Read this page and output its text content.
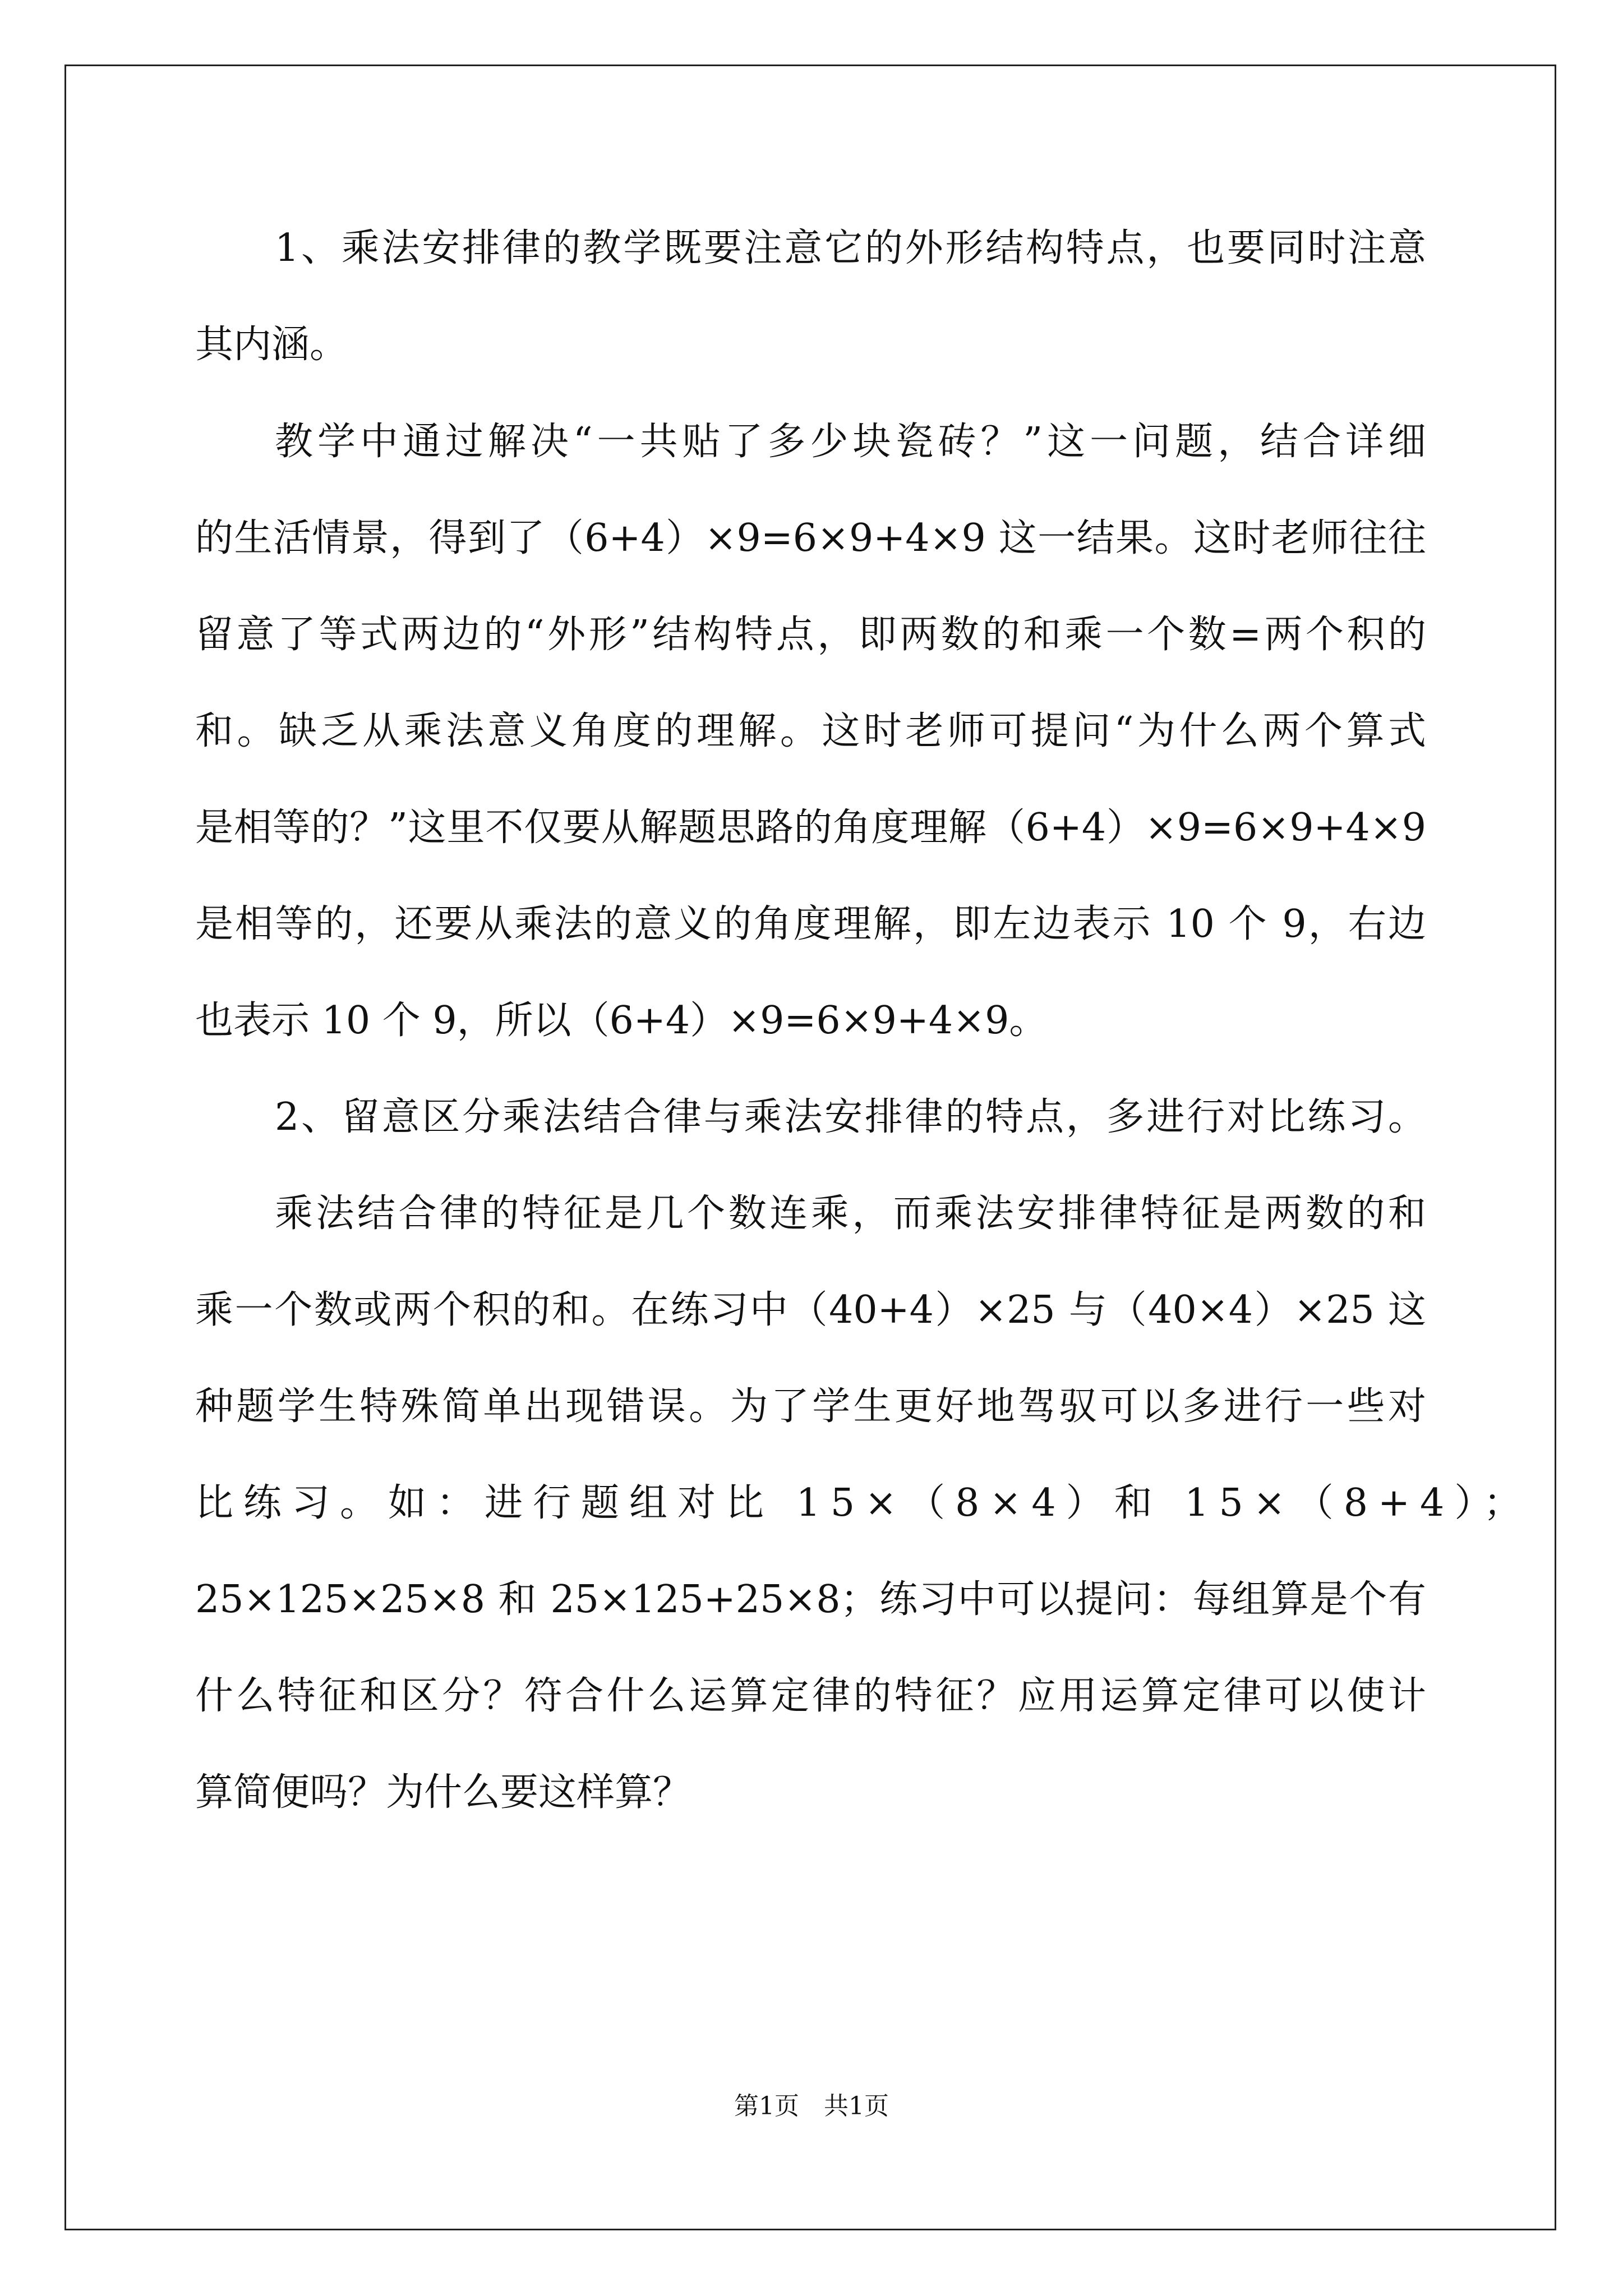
1、乘法安排律的教学既要注意它的外形结构特点，也要同时注意
其内涵。
教学中通过解决“一共贴了多少块瓷砖？”这一问题，结合详细
的生活情景，得到了（6+4）×9=6×9+4×9 这一结果。这时老师往往
留意了等式两边的“外形”结构特点，即两数的和乘一个数=两个积的
和。缺乏从乘法意义角度的理解。这时老师可提问“为什么两个算式
是相等的？”这里不仅要从解题思路的角度理解（6+4）×9=6×9+4×9
是相等的，还要从乘法的意义的角度理解，即左边表示 10 个 9，右边
也表示 10 个 9，所以（6+4）×9=6×9+4×9。
2、留意区分乘法结合律与乘法安排律的特点，多进行对比练习。
乘法结合律的特征是几个数连乘，而乘法安排律特征是两数的和
乘一个数或两个积的和。在练习中（40+4）×25 与（40×4）×25 这
种题学生特殊简单出现错误。为了学生更好地驾驭可以多进行一些对
比练习。如：进行题组对比 15×（8×4）和 15×（8+4）；
25×125×25×8 和 25×125+25×8；练习中可以提问：每组算是个有
什么特征和区分？符合什么运算定律的特征？应用运算定律可以使计
算简便吗？为什么要这样算？
第1页　共1页
